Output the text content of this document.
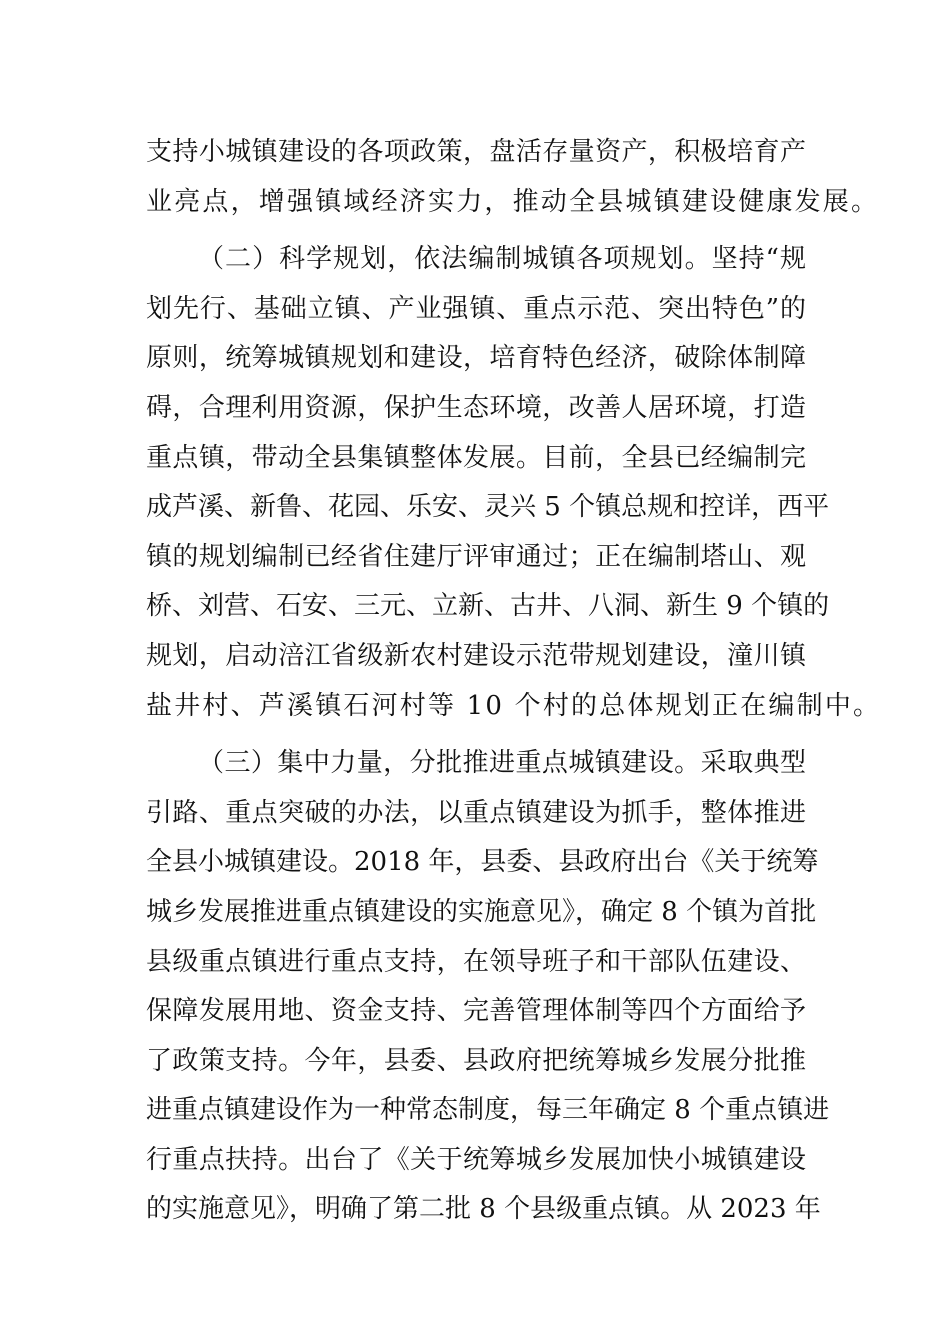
支持小城镇建设的各项政策，盘活存量资产，积极培育产
业亮点，增强镇域经济实力，推动全县城镇建设健康发展。
（二）科学规划，依法编制城镇各项规划。坚持“规
划先行、基础立镇、产业强镇、重点示范、突出特色”的
原则，统筹城镇规划和建设，培育特色经济，破除体制障
碍，合理利用资源，保护生态环境，改善人居环境，打造
重点镇，带动全县集镇整体发展。目前，全县已经编制完
成芦溪、新鲁、花园、乐安、灵兴 5 个镇总规和控详，西平
镇的规划编制已经省住建厅评审通过；正在编制塔山、观
桥、刘营、石安、三元、立新、古井、八洞、新生 9 个镇的
规划，启动涪江省级新农村建设示范带规划建设，潼川镇
盐井村、芦溪镇石河村等 10 个村的总体规划正在编制中。
（三）集中力量，分批推进重点城镇建设。采取典型
引路、重点突破的办法，以重点镇建设为抓手，整体推进
全县小城镇建设。2018 年，县委、县政府出台《关于统筹
城乡发展推进重点镇建设的实施意见》，确定 8 个镇为首批
县级重点镇进行重点支持，在领导班子和干部队伍建设、
保障发展用地、资金支持、完善管理体制等四个方面给予
了政策支持。今年，县委、县政府把统筹城乡发展分批推
进重点镇建设作为一种常态制度，每三年确定 8 个重点镇进
行重点扶持。出台了《关于统筹城乡发展加快小城镇建设
的实施意见》，明确了第二批 8 个县级重点镇。从 2023 年
